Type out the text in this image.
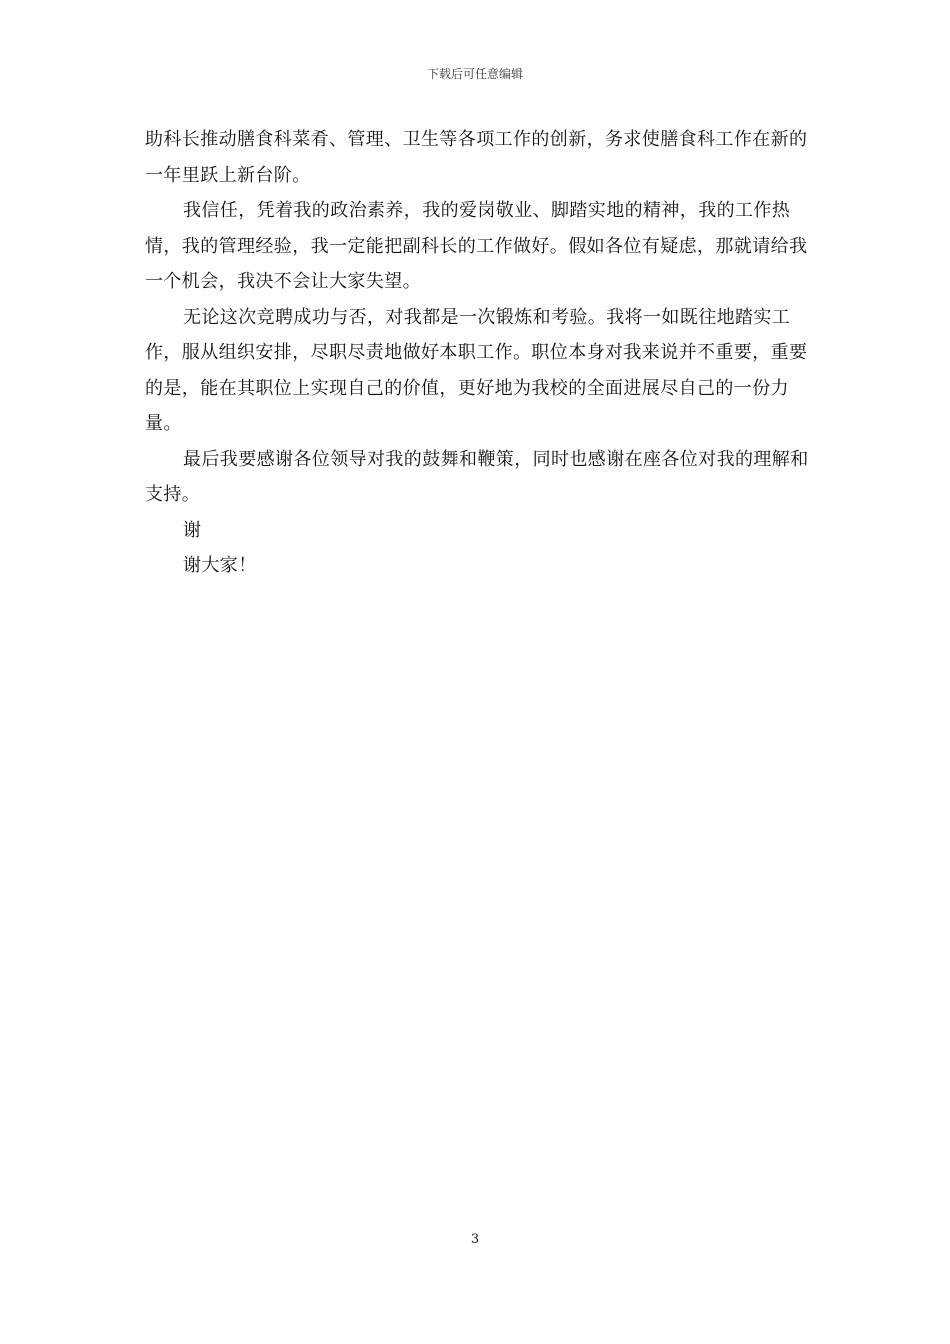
下载后可任意编辑

助科长推动膳食科菜肴、管理、卫生等各项工作的创新，务求使膳食科工作在新的一年里跃上新台阶。

我信任，凭着我的政治素养，我的爱岗敬业、脚踏实地的精神，我的工作热情，我的管理经验，我一定能把副科长的工作做好。假如各位有疑虑，那就请给我一个机会，我决不会让大家失望。

无论这次竞聘成功与否，对我都是一次锻炼和考验。我将一如既往地踏实工作，服从组织安排，尽职尽责地做好本职工作。职位本身对我来说并不重要，重要的是，能在其职位上实现自己的价值，更好地为我校的全面进展尽自己的一份力量。

最后我要感谢各位领导对我的鼓舞和鞭策，同时也感谢在座各位对我的理解和支持。

谢

谢大家！

3
